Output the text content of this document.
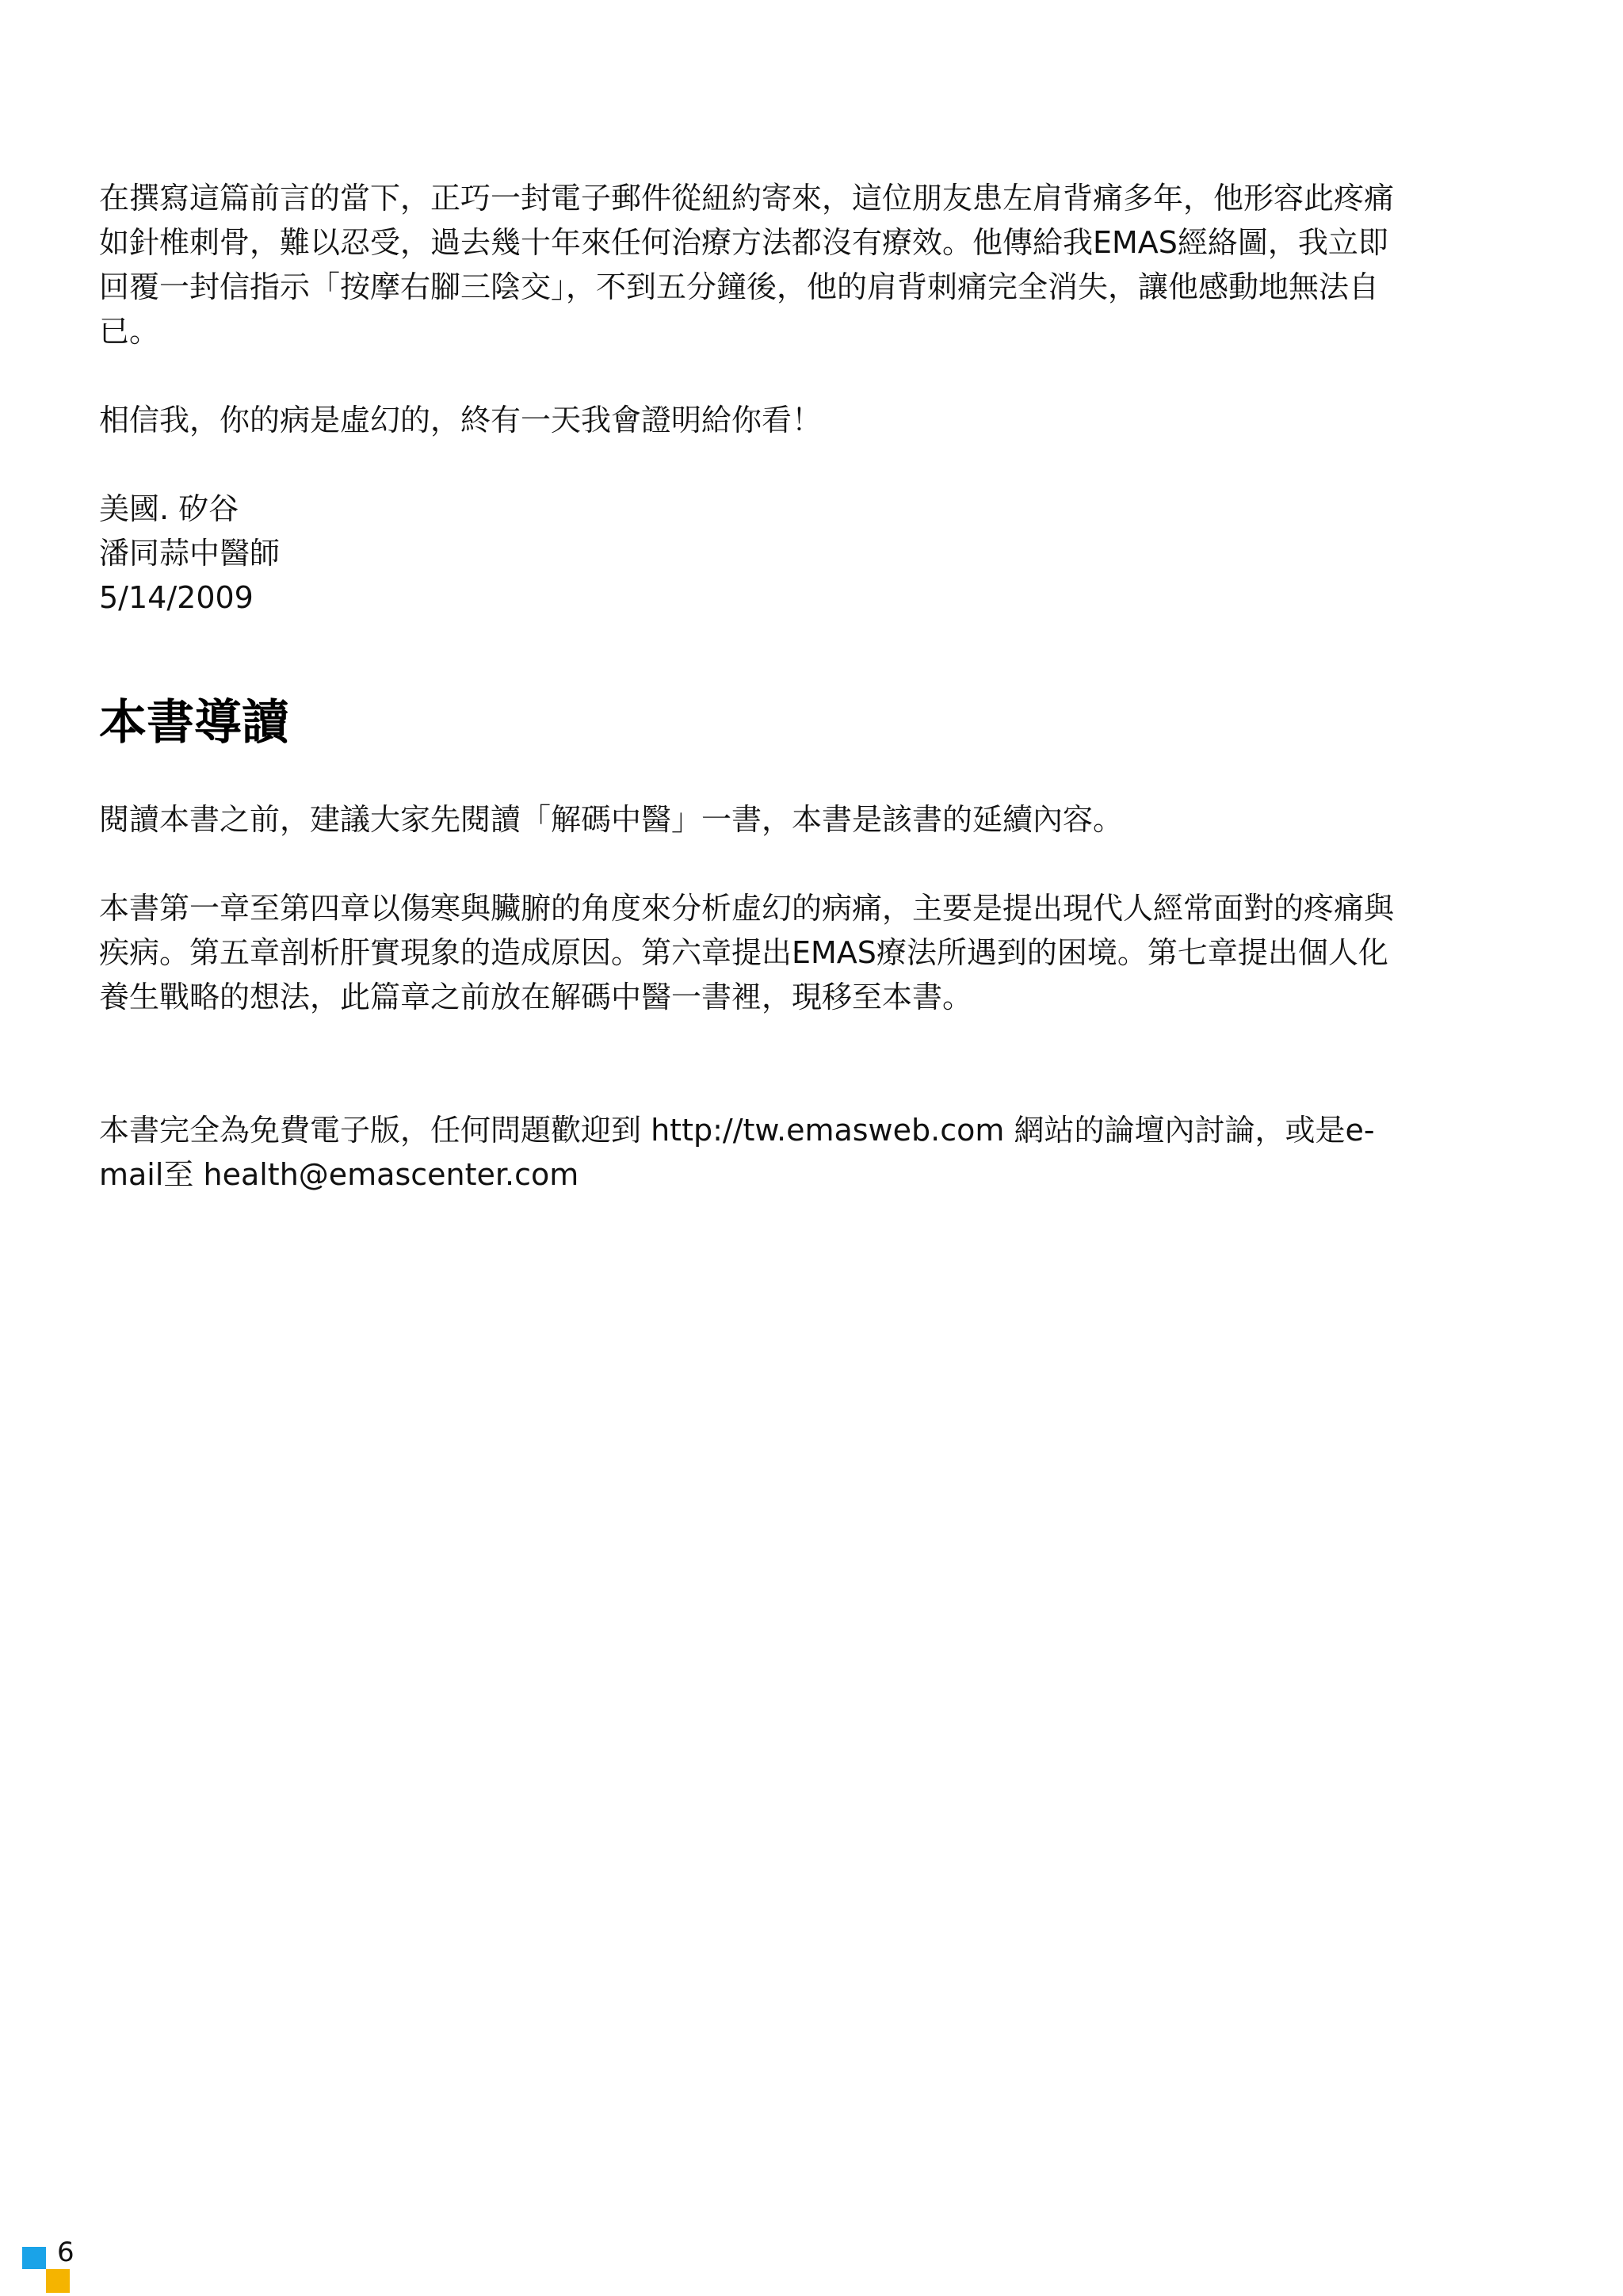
在撰寫這篇前言的當下，正巧一封電子郵件從紐約寄來，這位朋友患左肩背痛多年，他形容此疼痛
如針椎刺骨，難以忍受，過去幾十年來任何治療方法都沒有療效。他傳給我EMAS經絡圖，我立即
回覆一封信指示「按摩右腳三陰交」，不到五分鐘後，他的肩背刺痛完全消失，讓他感動地無法自
已。

相信我，你的病是虛幻的，終有一天我會證明給你看！

美國. 矽谷
潘同蒜中醫師
5/14/2009
本書導讀

閱讀本書之前，建議大家先閱讀「解碼中醫」一書，本書是該書的延續內容。

本書第一章至第四章以傷寒與臟腑的角度來分析虛幻的病痛，主要是提出現代人經常面對的疼痛與
疾病。第五章剖析肝實現象的造成原因。第六章提出EMAS療法所遇到的困境。第七章提出個人化
養生戰略的想法，此篇章之前放在解碼中醫一書裡，現移至本書。

本書完全為免費電子版，任何問題歡迎到 http://tw.emasweb.com 網站的論壇內討論，或是e-
mail至 health@emascenter.com

6
